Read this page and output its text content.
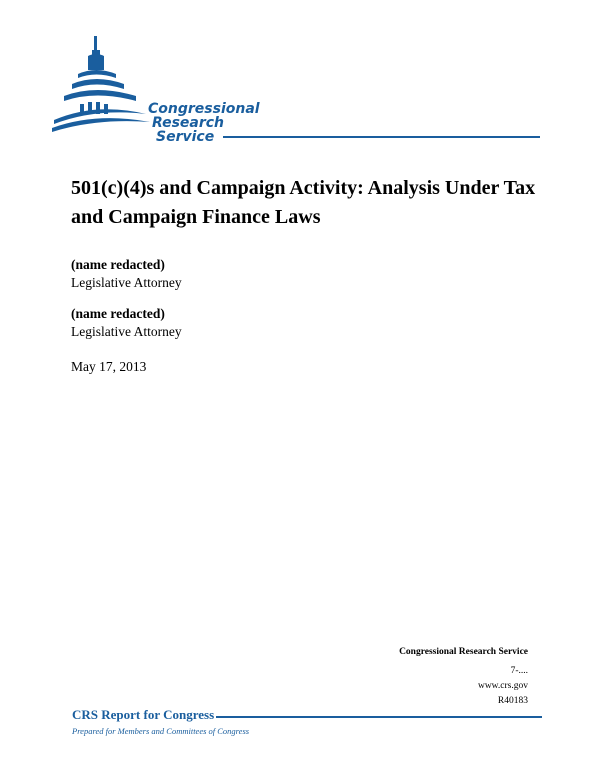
Congressional
Research
Service
501(c)(4)s and Campaign Activity: Analysis Under Tax and Campaign Finance Laws
(name redacted)
Legislative Attorney
(name redacted)
Legislative Attorney
May 17, 2013
Congressional Research Service
7-....
www.crs.gov
R40183
CRS Report for Congress
Prepared for Members and Committees of Congress
